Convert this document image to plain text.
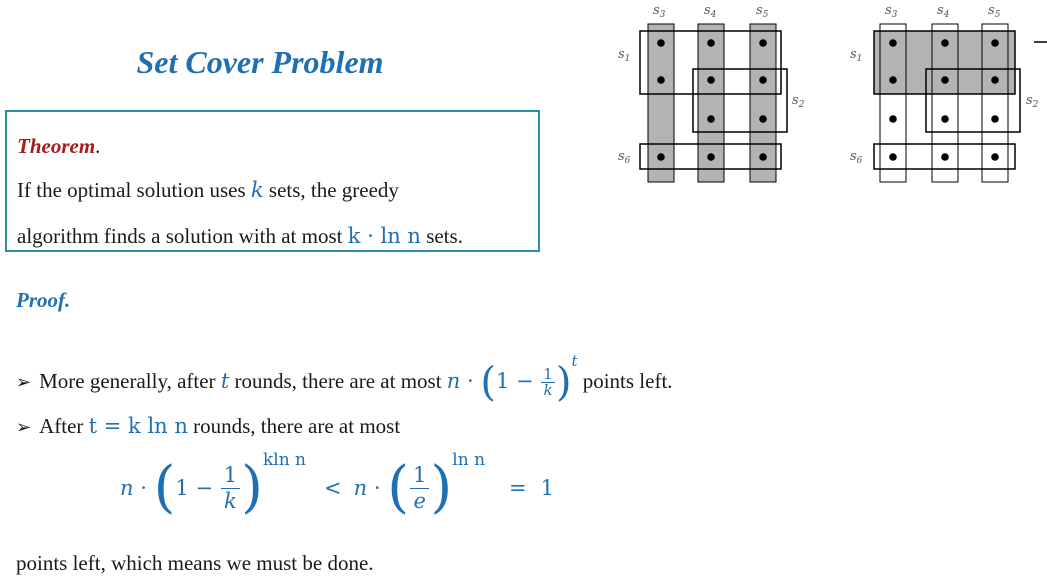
Set Cover Problem
$s_3$	$s_4$	$s_5$
$s_1$
$s_2$
$s_6$
$s_3$	$s_4$	$s_5$
$s_1$
$s_2$
$s_6$
Theorem.
If the optimal solution uses k sets, the greedy
algorithm finds a solution with at most k · ln n sets.
Proof.
➢ More generally, after t rounds, there are at most $n \cdot (1 - \frac{1}{k} )^t$ points left.
➢ After t = k ln n rounds, there are at most
n · ( $1 - \frac{1}{k}$ ) kln n
< n · ( $\frac{1}{e}$ ) ln n
= 1
points left, which means we must be done.
